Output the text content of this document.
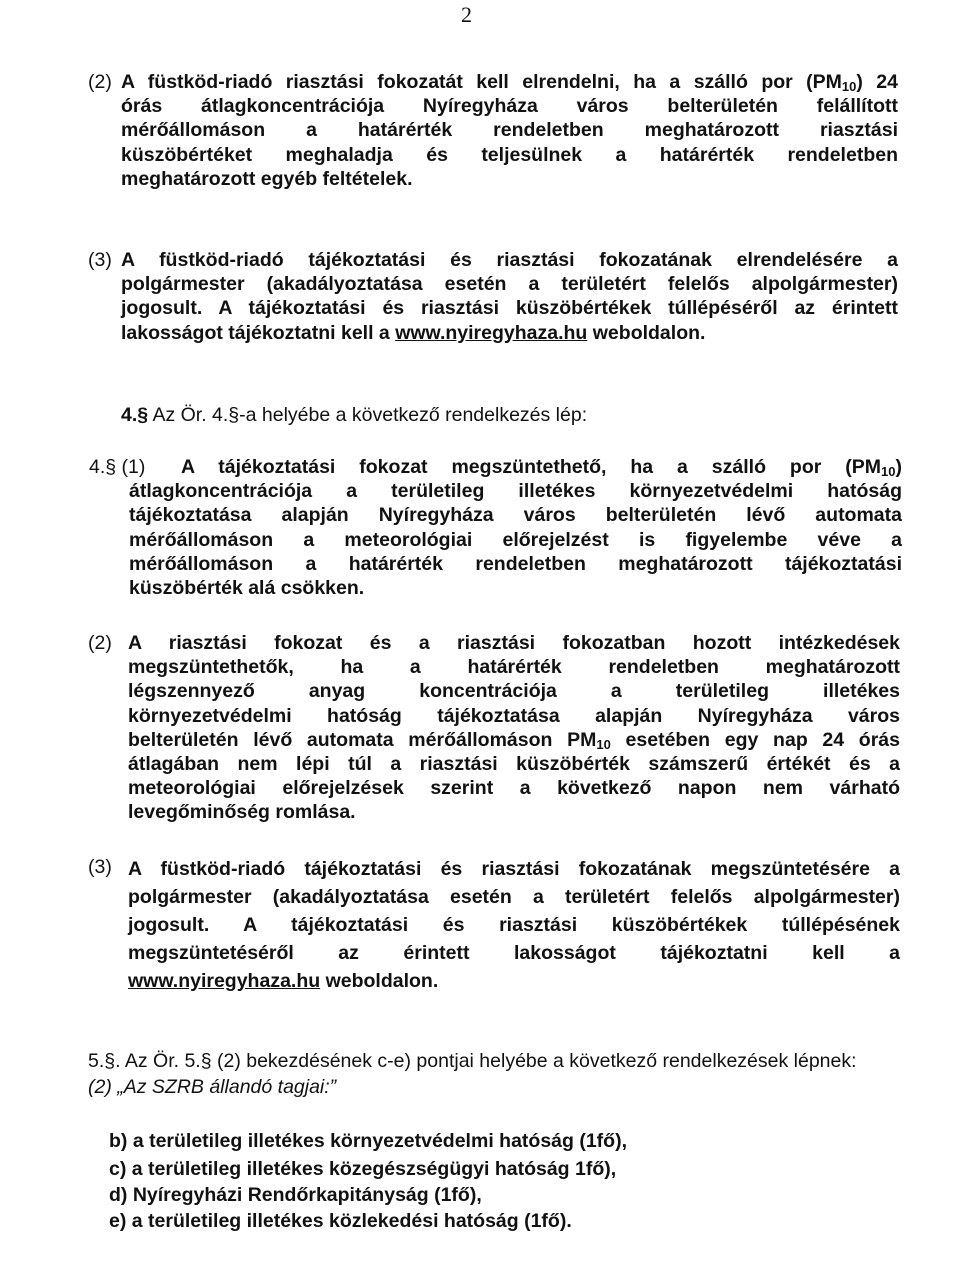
2
(2) A füstköd-riadó riasztási fokozatát kell elrendelni, ha a szálló por $(PM_{10})$ 24
órás átlagkoncentrációja Nyíregyháza város belterületén felállított
mérőállomáson a határérték rendeletben meghatározott riasztási
küszöbértéket meghaladja és teljesülnek a határérték rendeletben
meghatározott egyéb feltételek.
(3) A füstköd-riadó tájékoztatási és riasztási fokozatának elrendelésére a
polgármester (akadályoztatása esetén a területért felelős alpolgármester)
jogosult. A tájékoztatási és riasztási küszöbértékek túllépéséről az érintett
lakosságot tájékoztatni kell a www.nyiregyhaza.hu weboldalon.
4.§ Az Ör. 4.§-a helyébe a következő rendelkezés lép:
4.§ (1)	A tájékoztatási fokozat megszüntethető, ha a szálló por $(PM_{10})$
átlagkoncentrációja a területileg illetékes környezetvédelmi hatóság
tájékoztatása alapján Nyíregyháza város belterületén lévő automata
mérőállomáson a meteorológiai előrejelzést is figyelembe véve a
mérőállomáson a határérték rendeletben meghatározott tájékoztatási
küszöbérték alá csökken.
(2) A riasztási fokozat és a riasztási fokozatban hozott intézkedések
megszüntethetők, ha a határérték rendeletben meghatározott
légszennyező anyag koncentrációja a területileg illetékes
környezetvédelmi hatóság tájékoztatása alapján Nyíregyháza város
belterületén lévő automata mérőállomáson $PM_{10}$ esetében egy nap 24 órás
átlagában nem lépi túl a riasztási küszöbérték számszerű értékét és a
meteorológiai előrejelzések szerint a következő napon nem várható
levegőminőség romlása.
(3) A füstköd-riadó tájékoztatási és riasztási fokozatának megszüntetésére a
polgármester (akadályoztatása esetén a területért felelős alpolgármester)
jogosult. A tájékoztatási és riasztási küszöbértékek túllépésének
megszüntetéséről az érintett lakosságot tájékoztatni kell a
www.nyiregyhaza.hu weboldalon.
5.§. Az Ör. 5.§ (2) bekezdésének c-e) pontjai helyébe a következő rendelkezések lépnek:
(2) „Az SZRB állandó tagjai:”
b) a területileg illetékes környezetvédelmi hatóság (1fő),
c) a területileg illetékes közegészségügyi hatóság 1fő),
d) Nyíregyházi Rendőrkapitányság (1fő),
e) a területileg illetékes közlekedési hatóság (1fő).
